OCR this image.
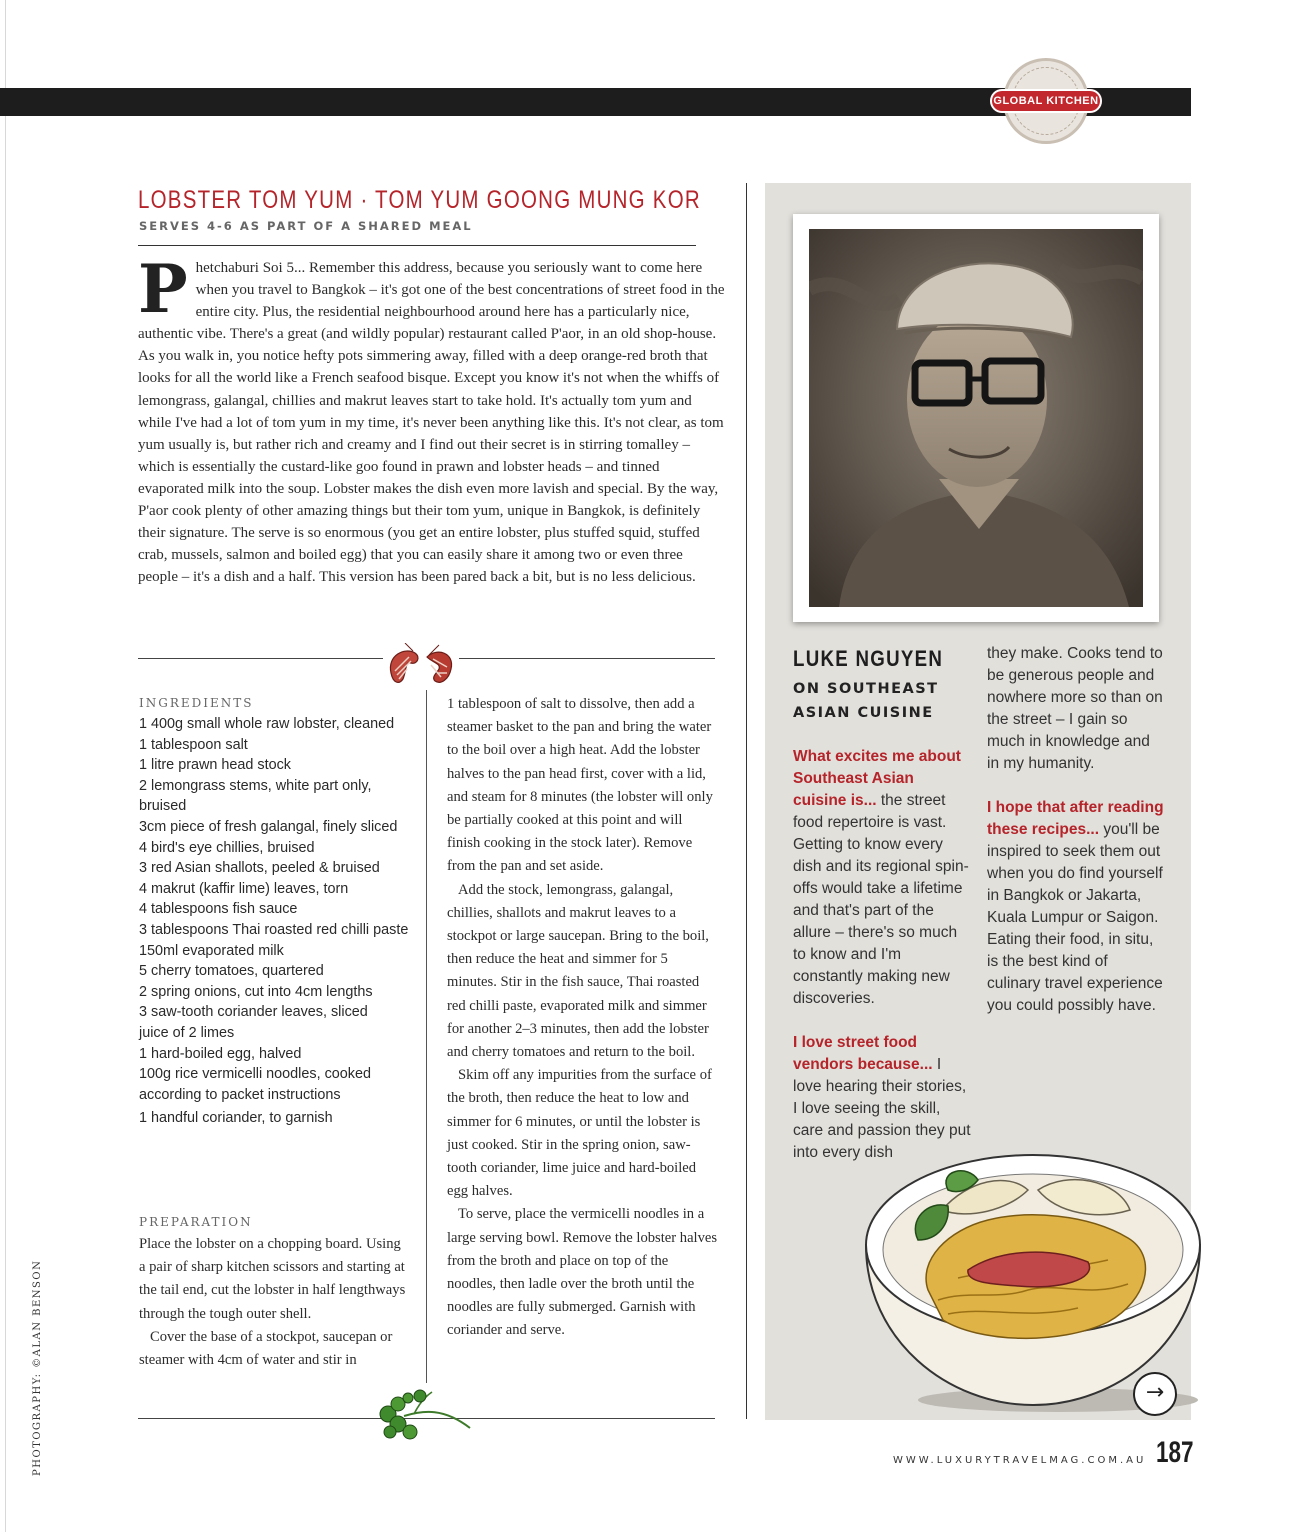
GLOBAL KITCHEN
LOBSTER TOM YUM · TOM YUM GOONG MUNG KOR
SERVES 4-6 AS PART OF A SHARED MEAL

Phetchaburi Soi 5... Remember this address, because you seriously want to come here when you travel to Bangkok – it's got one of the best concentrations of street food in the entire city. Plus, the residential neighbourhood around here has a particularly nice, authentic vibe. There's a great (and wildly popular) restaurant called P'aor, in an old shop-house. As you walk in, you notice hefty pots simmering away, filled with a deep orange-red broth that looks for all the world like a French seafood bisque. Except you know it's not when the whiffs of lemongrass, galangal, chillies and makrut leaves start to take hold. It's actually tom yum and while I've had a lot of tom yum in my time, it's never been anything like this. It's not clear, as tom yum usually is, but rather rich and creamy and I find out their secret is in stirring tomalley – which is essentially the custard-like goo found in prawn and lobster heads – and tinned evaporated milk into the soup. Lobster makes the dish even more lavish and special. By the way, P'aor cook plenty of other amazing things but their tom yum, unique in Bangkok, is definitely their signature. The serve is so enormous (you get an entire lobster, plus stuffed squid, stuffed crab, mussels, salmon and boiled egg) that you can easily share it among two or even three people – it's a dish and a half. This version has been pared back a bit, but is no less delicious.

INGREDIENTS
1 400g small whole raw lobster, cleaned
1 tablespoon salt
1 litre prawn head stock
2 lemongrass stems, white part only, bruised
3cm piece of fresh galangal, finely sliced
4 bird's eye chillies, bruised
3 red Asian shallots, peeled & bruised
4 makrut (kaffir lime) leaves, torn
4 tablespoons fish sauce
3 tablespoons Thai roasted red chilli paste
150ml evaporated milk
5 cherry tomatoes, quartered
2 spring onions, cut into 4cm lengths
3 saw-tooth coriander leaves, sliced
juice of 2 limes
1 hard-boiled egg, halved
100g rice vermicelli noodles, cooked according to packet instructions
1 handful coriander, to garnish
PREPARATION

Place the lobster on a chopping board. Using a pair of sharp kitchen scissors and starting at the tail end, cut the lobster in half lengthways through the tough outer shell.

Cover the base of a stockpot, saucepan or steamer with 4cm of water and stir in

1 tablespoon of salt to dissolve, then add a steamer basket to the pan and bring the water to the boil over a high heat. Add the lobster halves to the pan head first, cover with a lid, and steam for 8 minutes (the lobster will only be partially cooked at this point and will finish cooking in the stock later). Remove from the pan and set aside.

Add the stock, lemongrass, galangal, chillies, shallots and makrut leaves to a stockpot or large saucepan. Bring to the boil, then reduce the heat and simmer for 5 minutes. Stir in the fish sauce, Thai roasted red chilli paste, evaporated milk and simmer for another 2–3 minutes, then add the lobster and cherry tomatoes and return to the boil.

Skim off any impurities from the surface of the broth, then reduce the heat to low and simmer for 6 minutes, or until the lobster is just cooked. Stir in the spring onion, saw-tooth coriander, lime juice and hard-boiled egg halves.

To serve, place the vermicelli noodles in a large serving bowl. Remove the lobster halves from the broth and place on top of the noodles, then ladle over the broth until the noodles are fully submerged. Garnish with coriander and serve.

LUKE NGUYEN
ON SOUTHEAST
ASIAN CUISINE

What excites me about Southeast Asian cuisine is... the street food repertoire is vast. Getting to know every dish and its regional spin-offs would take a lifetime and that's part of the allure – there's so much to know and I'm constantly making new discoveries.

I love street food vendors because... I love hearing their stories, I love seeing the skill, care and passion they put into every dish

they make. Cooks tend to be generous people and nowhere more so than on the street – I gain so much in knowledge and in my humanity.

I hope that after reading these recipes... you'll be inspired to seek them out when you do find yourself in Bangkok or Jakarta, Kuala Lumpur or Saigon. Eating their food, in situ, is the best kind of culinary travel experience you could possibly have.

→
WWW.LUXURYTRAVELMAG.COM.AU 187
PHOTOGRAPHY: ©ALAN BENSON
